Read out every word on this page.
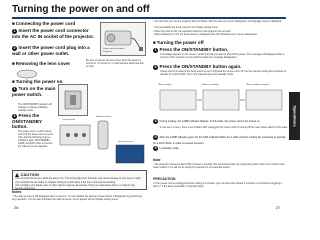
Turning the power on and off
■ Connecting the power cord
1 Insert the power cord connector into the AC IN socket of the projector.
2 Insert the power cord plug into a wall or other power outlet.
Power cord (included)
Projector
■ Removing the lens cover
Be sure to remove the lens cover when the power is turned on. If it is left on, it could become deformed due to heat.
■ Turning the power on
1 Turn on the main power switch.
The ON/STANDBY indicator will change to orange indicating standby mode.
2 Press the ON/STANDBY button.
The power turns on with a beep sound (if the beep sound is set to ON), and the following 3 green indicators light: ON/STANDBY, LAMP, and FAN. After a moment, the start-up screen appears.
Control panel
Remote control
Start-up screen
CAUTION
• Do not look into the lens while the lamp is on. The strong light from the lamp may cause damage to your eyes or sight.
• Do not block the air intake or exhaust. Doing so could cause a fire due to internal overheating.
• Do not place your hands, face or other objects near the air exhaust. Doing so could cause burns, or objects may become deformed.
Notes
• The start-up screen will disappear after a moment. You can disable the start-up screen before it disappears by performing any operation. You can also configure the start-up screen not to appear via the Display setting menu.
26
• The first time you use the projector after purchase, after the start-up screen disappears, the language menu is displayed.
• You can disable the beep sound in the Display setting menu.
• When Key lock is ON, the operation buttons of the projector do not work.
• When Password is ON, the input screen is displayed after the Password entry screen disappears.
■ Turning the power off
1 Press the ON/STANDBY button.
A message appears on the screen, confirming that you want to shut off the power. The message will disappear after a moment. (The operation is not performed after the message disappears.)
2 Press the ON/STANDBY button again.
A beep sound is made (if the beep sound is set to ON) and the screen turns off, but the internal cooling fan continues to operate for a short while. Then, the projector goes into standby mode.
When cooling...	When in standby...	When cooling completes
3 During cooling, the LAMP indicator flashes. In this state, the power cannot be turned on.
If you are in a hurry, there is no problem with unplugging the power cord or turning off the main power switch in this state.
4 After the LAMP indicator goes off, the FAN indicator blinks for a while and the cooling fan continues to operate for a short while, in order to ensure recovery.
5 In standby mode.
Note
• The projector consumes about 5W of power in standby. We recommend that you unplug the power cord or turn off the main power switch if you will not be using the projector for an extended period.
PRECAUTION
• If the power cord is unplugged before cooling is complete, give the lamp time (about 5 minutes) to cool before plugging it back in. If the lamp overheats, it may fail to light.
27
Operations
